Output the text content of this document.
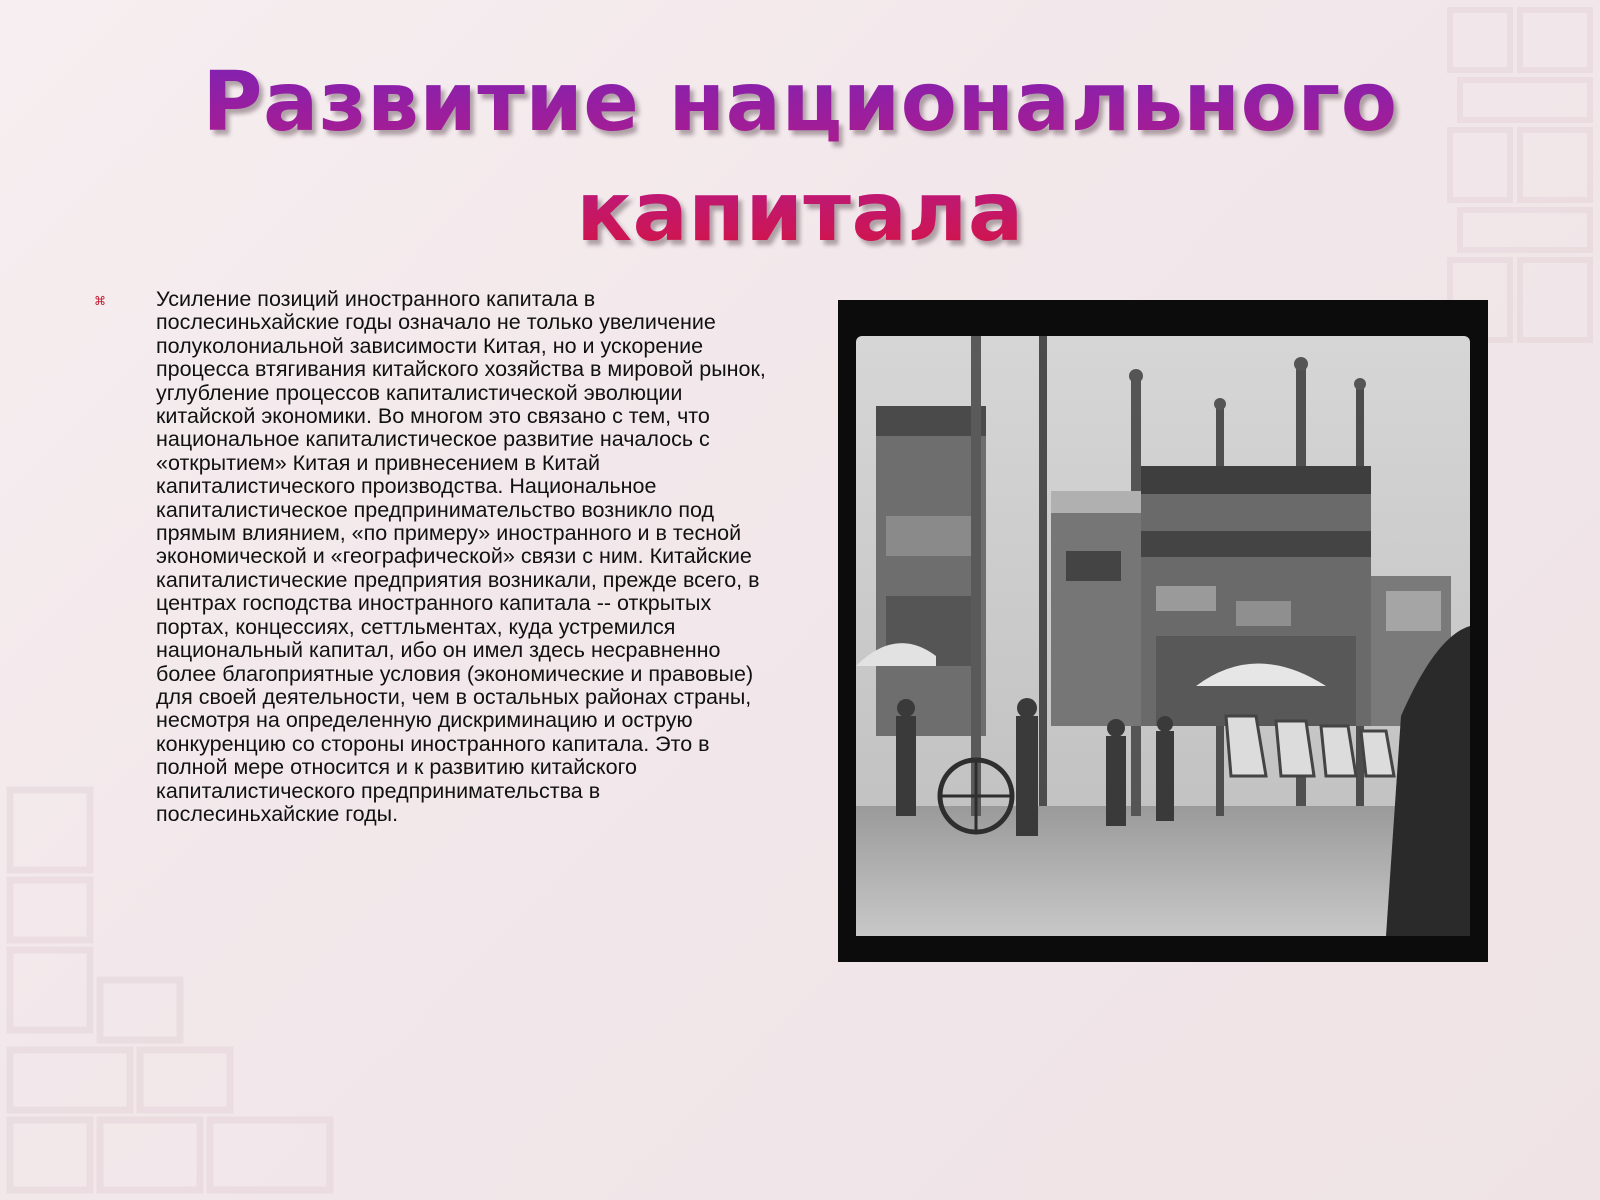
Развитие национального
капитала
⌘ Усиление позиций иностранного капитала в послесиньхайские годы означало не только увеличение полуколониальной зависимости Китая, но и ускорение процесса втягивания китайского хозяйства в мировой рынок, углубление процессов капиталистической эволюции китайской экономики. Во многом это связано с тем, что национальное капиталистическое развитие началось с «открытием» Китая и привнесением в Китай капиталистического производства. Национальное капиталистическое предпринимательство возникло под прямым влиянием, «по примеру» иностранного и в тесной экономической и «географической» связи с ним. Китайские капиталистические предприятия возникали, прежде всего, в центрах господства иностранного капитала -- открытых портах, концессиях, сеттльментах, куда устремился национальный капитал, ибо он имел здесь несравненно более благоприятные условия (экономические и правовые) для своей деятельности, чем в остальных районах страны, несмотря на определенную дискриминацию и острую конкуренцию со стороны иностранного капитала. Это в полной мере относится и к развитию китайского капиталистического предпринимательства в послесиньхайские годы.
